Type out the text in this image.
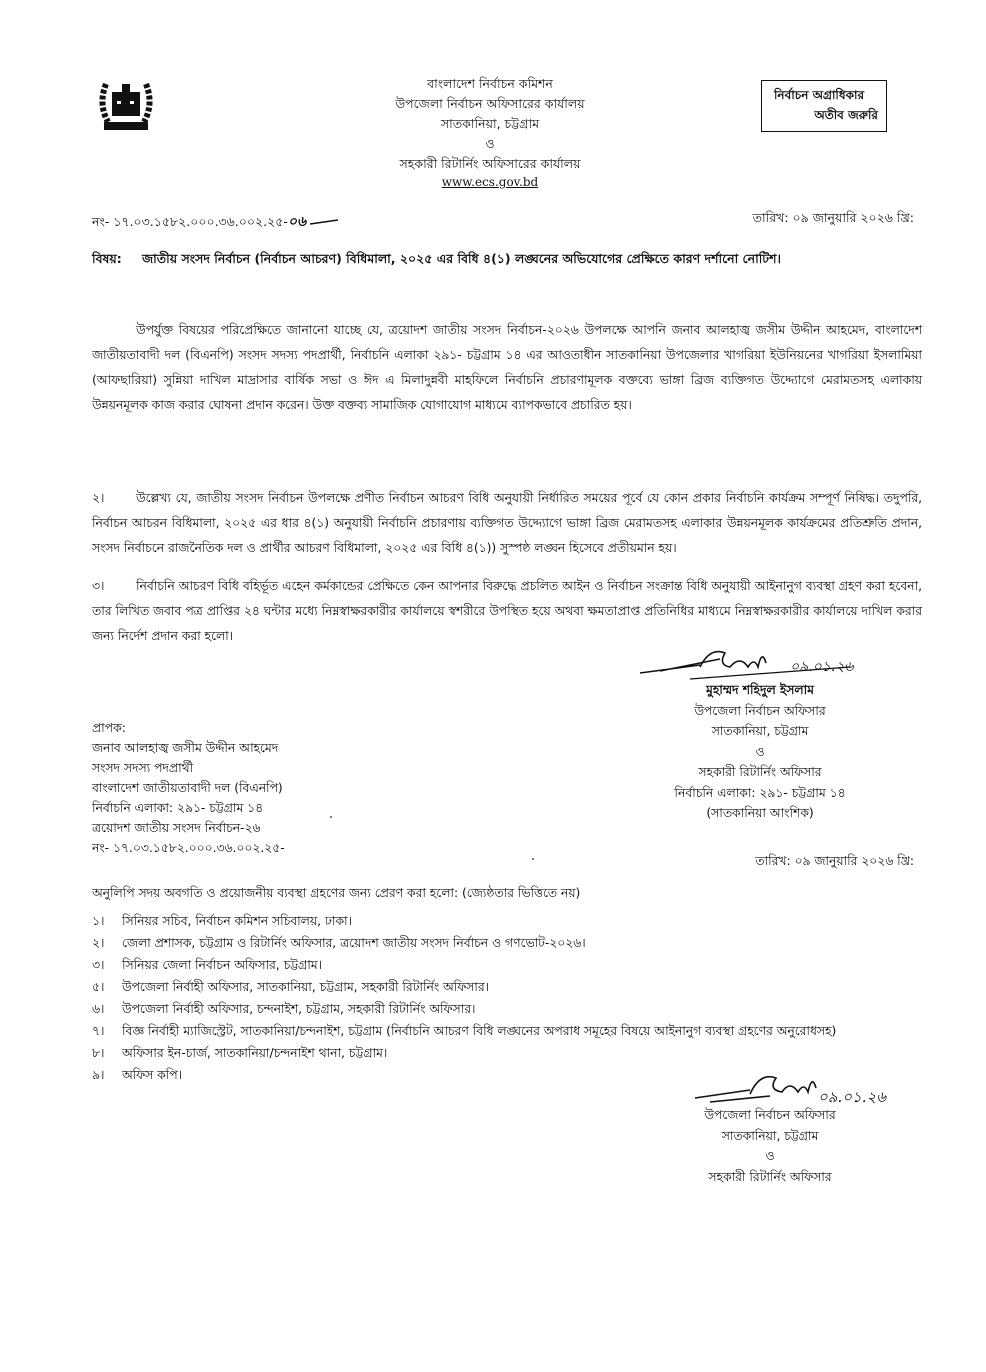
বাংলাদেশ নির্বাচন কমিশন
উপজেলা নির্বাচন অফিসারের কার্যালয়
সাতকানিয়া, চট্টগ্রাম
ও
সহকারী রিটার্নিং অফিসারের কার্যালয়
www.ecs.gov.bd
নির্বাচন অগ্রাধিকার
অতীব জরুরি
নং- ১৭.০৩.১৫৮২.০০০.৩৬.০০২.২৫-০৬	তারিখ: ০৯ জানুয়ারি ২০২৬ খ্রি:
বিষয়:	জাতীয় সংসদ নির্বাচন (নির্বাচন আচরণ) বিধিমালা, ২০২৫ এর বিধি ৪(১) লঙ্ঘনের অভিযোগের প্রেক্ষিতে কারণ দর্শানো নোটিশ।
উপর্যুক্ত বিষয়ের পরিপ্রেক্ষিতে জানানো যাচ্ছে যে, ত্রয়োদশ জাতীয় সংসদ নির্বাচন-২০২৬ উপলক্ষে আপনি জনাব আলহাজ্ব জসীম উদ্দীন আহমেদ, বাংলাদেশ জাতীয়তাবাদী দল (বিএনপি) সংসদ সদস্য পদপ্রার্থী, নির্বাচনি এলাকা ২৯১- চট্টগ্রাম ১৪ এর আওতাধীন সাতকানিয়া উপজেলার খাগরিয়া ইউনিয়নের খাগরিয়া ইসলামিয়া (আফছারিয়া) সুন্নিয়া দাখিল মাদ্রাসার বার্ষিক সভা ও ঈদ এ মিলাদুন্নবী মাহফিলে নির্বাচনি প্রচারণামূলক বক্তব্যে ভাঙ্গা ব্রিজ ব্যক্তিগত উদ্দ্যোগে মেরামতসহ এলাকায় উন্নয়নমূলক কাজ করার ঘোষনা প্রদান করেন। উক্ত বক্তব্য সামাজিক যোগাযোগ মাধ্যমে ব্যাপকভাবে প্রচারিত হয়।
২।	উল্লেখ্য যে, জাতীয় সংসদ নির্বাচন উপলক্ষে প্রণীত নির্বাচন আচরণ বিধি অনুযায়ী নির্ধারিত সময়ের পূর্বে যে কোন প্রকার নির্বাচনি কার্যক্রম সম্পূর্ণ নিষিদ্ধ। তদুপরি, নির্বাচন আচরন বিধিমালা, ২০২৫ এর ধার ৪(১) অনুযায়ী নির্বাচনি প্রচারণায় ব্যক্তিগত উদ্দ্যোগে ভাঙ্গা ব্রিজ মেরামতসহ এলাকার উন্নয়নমূলক কার্যক্রমের প্রতিশ্রুতি প্রদান, সংসদ নির্বাচনে রাজনৈতিক দল ও প্রার্থীর আচরণ বিধিমালা, ২০২৫ এর বিধি ৪(১)) সুস্পষ্ঠ লঙ্ঘন হিসেবে প্রতীয়মান হয়।
৩।	নির্বাচনি আচরণ বিধি বহির্ভূত এহেন কর্মকান্ডের প্রেক্ষিতে কেন আপনার বিরুদ্ধে প্রচলিত আইন ও নির্বাচন সংক্রান্ত বিধি অনুযায়ী আইনানুগ ব্যবস্থা গ্রহণ করা হবেনা, তার লিখিত জবাব পত্র প্রাপ্তির ২৪ ঘন্টার মধ্যে নিম্নস্বাক্ষরকারীর কার্যালয়ে স্বশরীরে উপস্থিত হয়ে অথবা ক্ষমতাপ্রাপ্ত প্রতিনিধির মাধ্যমে নিম্নস্বাক্ষরকারীর কার্যালয়ে দাখিল করার জন্য নির্দেশ প্রদান করা হলো।
০৯.০১.২৬
মুহাম্মদ শহিদুল ইসলাম
উপজেলা নির্বাচন অফিসার
সাতকানিয়া, চট্টগ্রাম
ও
সহকারী রিটার্নিং অফিসার
নির্বাচনি এলাকা: ২৯১- চট্টগ্রাম ১৪
(সাতকানিয়া আংশিক)
প্রাপক:
জনাব আলহাজ্ব জসীম উদ্দীন আহমেদ
সংসদ সদস্য পদপ্রার্থী
বাংলাদেশ জাতীয়তাবাদী দল (বিএনপি)
নির্বাচনি এলাকা: ২৯১- চট্টগ্রাম ১৪
ত্রয়োদশ জাতীয় সংসদ নির্বাচন-২৬
নং- ১৭.০৩.১৫৮২.০০০.৩৬.০০২.২৫-
তারিখ: ০৯ জানুয়ারি ২০২৬ খ্রি:
অনুলিপি সদয় অবগতি ও প্রয়োজনীয় ব্যবস্থা গ্রহণের জন্য প্রেরণ করা হলো: (জ্যেষ্ঠতার ভিত্তিতে নয়)
১।	সিনিয়র সচিব, নির্বাচন কমিশন সচিবালয়, ঢাকা।
২।	জেলা প্রশাসক, চট্টগ্রাম ও রিটার্নিং অফিসার, ত্রয়োদশ জাতীয় সংসদ নির্বাচন ও গণভোট-২০২৬।
৩।	সিনিয়র জেলা নির্বাচন অফিসার, চট্টগ্রাম।
৫।	উপজেলা নির্বাহী অফিসার, সাতকানিয়া, চট্টগ্রাম, সহকারী রিটার্নিং অফিসার।
৬।	উপজেলা নির্বাহী অফিসার, চন্দনাইশ, চট্টগ্রাম, সহকারী রিটার্নিং অফিসার।
৭।	বিজ্ঞ নির্বাহী ম্যাজিস্ট্রেট, সাতকানিয়া/চন্দনাইশ, চট্টগ্রাম (নির্বাচনি আচরণ বিধি লঙ্ঘনের অপরাধ সমূহের বিষয়ে আইনানুগ ব্যবস্থা গ্রহণের অনুরোধসহ)
৮।	অফিসার ইন-চার্জ, সাতকানিয়া/চন্দনাইশ থানা, চট্টগ্রাম।
৯।	অফিস কপি।
০৯.০১.২৬
উপজেলা নির্বাচন অফিসার
সাতকানিয়া, চট্টগ্রাম
ও
সহকারী রিটার্নিং অফিসার
